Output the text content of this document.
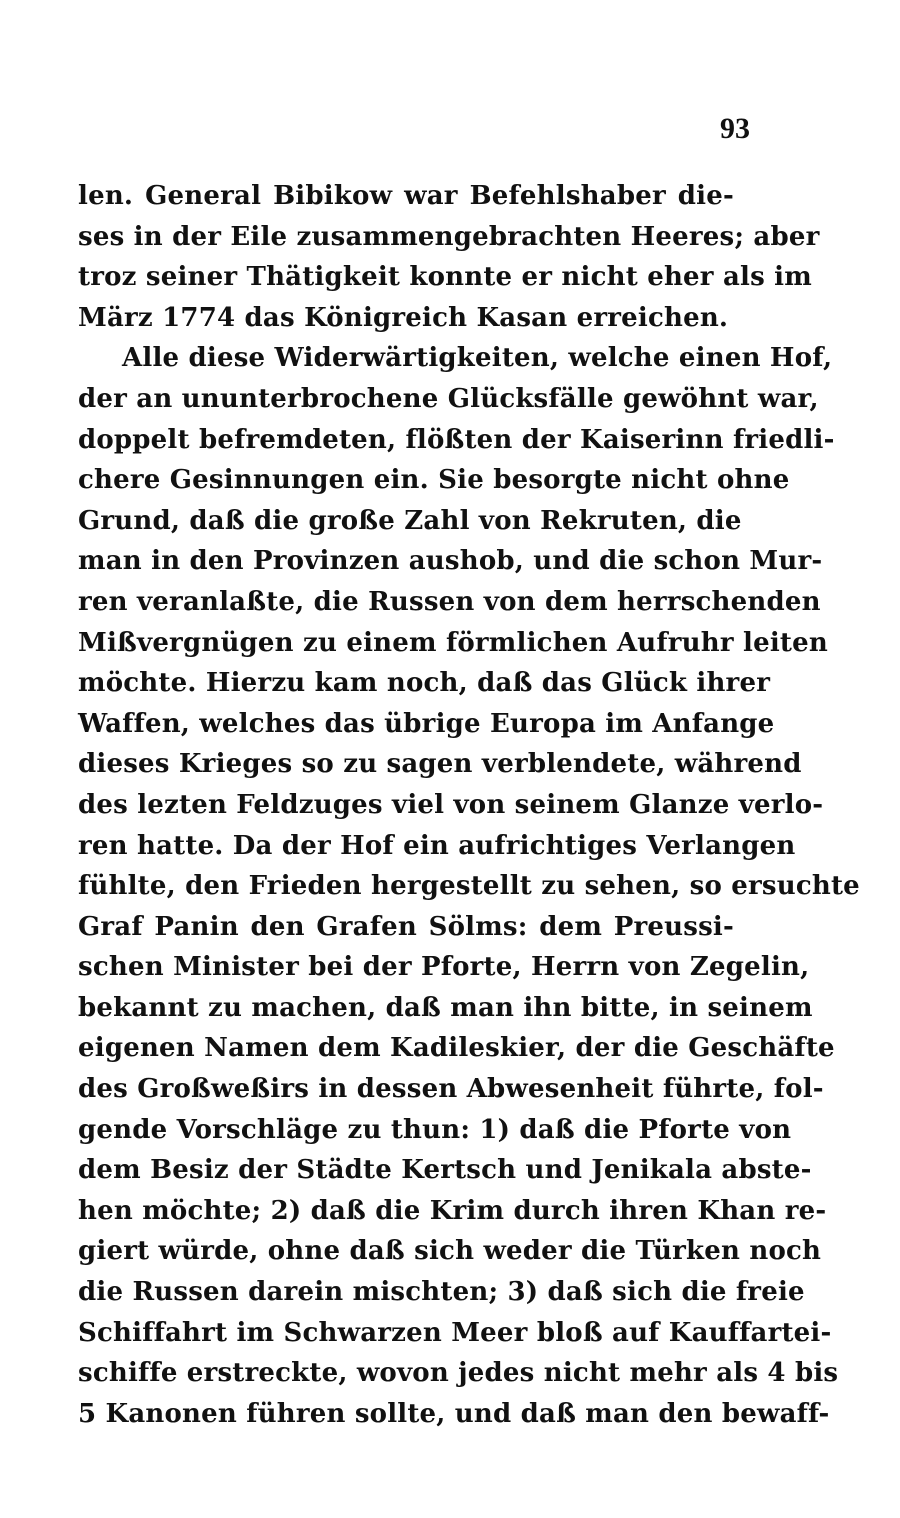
93
len. General Bibikow war Befehlshaber die-
ses in der Eile zusammengebrachten Heeres; aber
troz seiner Thätigkeit konnte er nicht eher als im
März 1774 das Königreich Kasan erreichen.
Alle diese Widerwärtigkeiten, welche einen Hof,
der an ununterbrochene Glücksfälle gewöhnt war,
doppelt befremdeten, flößten der Kaiserinn friedli-
chere Gesinnungen ein. Sie besorgte nicht ohne
Grund, daß die große Zahl von Rekruten, die
man in den Provinzen aushob, und die schon Mur-
ren veranlaßte, die Russen von dem herrschenden
Mißvergnügen zu einem förmlichen Aufruhr leiten
möchte. Hierzu kam noch, daß das Glück ihrer
Waffen, welches das übrige Europa im Anfange
dieses Krieges so zu sagen verblendete, während
des lezten Feldzuges viel von seinem Glanze verlo-
ren hatte. Da der Hof ein aufrichtiges Verlangen
fühlte, den Frieden hergestellt zu sehen, so ersuchte
Graf Panin den Grafen Sölms: dem Preussi-
schen Minister bei der Pforte, Herrn von Zegelin,
bekannt zu machen, daß man ihn bitte, in seinem
eigenen Namen dem Kadileskier, der die Geschäfte
des Großweßirs in dessen Abwesenheit führte, fol-
gende Vorschläge zu thun: 1) daß die Pforte von
dem Besiz der Städte Kertsch und Jenikala abste-
hen möchte; 2) daß die Krim durch ihren Khan re-
giert würde, ohne daß sich weder die Türken noch
die Russen darein mischten; 3) daß sich die freie
Schiffahrt im Schwarzen Meer bloß auf Kauffartei-
schiffe erstreckte, wovon jedes nicht mehr als 4 bis
5 Kanonen führen sollte, und daß man den bewaff-
